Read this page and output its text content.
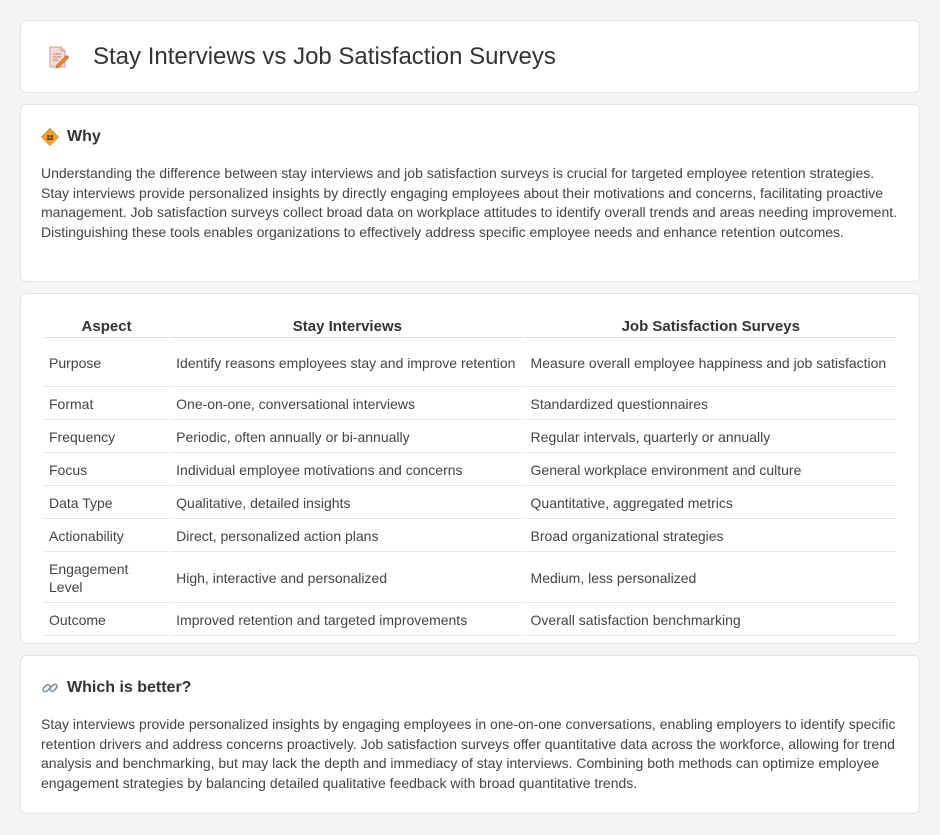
Stay Interviews vs Job Satisfaction Surveys
Why

Understanding the difference between stay interviews and job satisfaction surveys is crucial for targeted employee retention strategies. Stay interviews provide personalized insights by directly engaging employees about their motivations and concerns, facilitating proactive management. Job satisfaction surveys collect broad data on workplace attitudes to identify overall trends and areas needing improvement. Distinguishing these tools enables organizations to effectively address specific employee needs and enhance retention outcomes.

Aspect	Stay Interviews	Job Satisfaction Surveys
Purpose	Identify reasons employees stay and improve retention	Measure overall employee happiness and job satisfaction
Format	One-on-one, conversational interviews	Standardized questionnaires
Frequency	Periodic, often annually or bi-annually	Regular intervals, quarterly or annually
Focus	Individual employee motivations and concerns	General workplace environment and culture
Data Type	Qualitative, detailed insights	Quantitative, aggregated metrics
Actionability	Direct, personalized action plans	Broad organizational strategies
Engagement Level	High, interactive and personalized	Medium, less personalized
Outcome	Improved retention and targeted improvements	Overall satisfaction benchmarking
Which is better?

Stay interviews provide personalized insights by engaging employees in one-on-one conversations, enabling employers to identify specific retention drivers and address concerns proactively. Job satisfaction surveys offer quantitative data across the workforce, allowing for trend analysis and benchmarking, but may lack the depth and immediacy of stay interviews. Combining both methods can optimize employee engagement strategies by balancing detailed qualitative feedback with broad quantitative trends.
